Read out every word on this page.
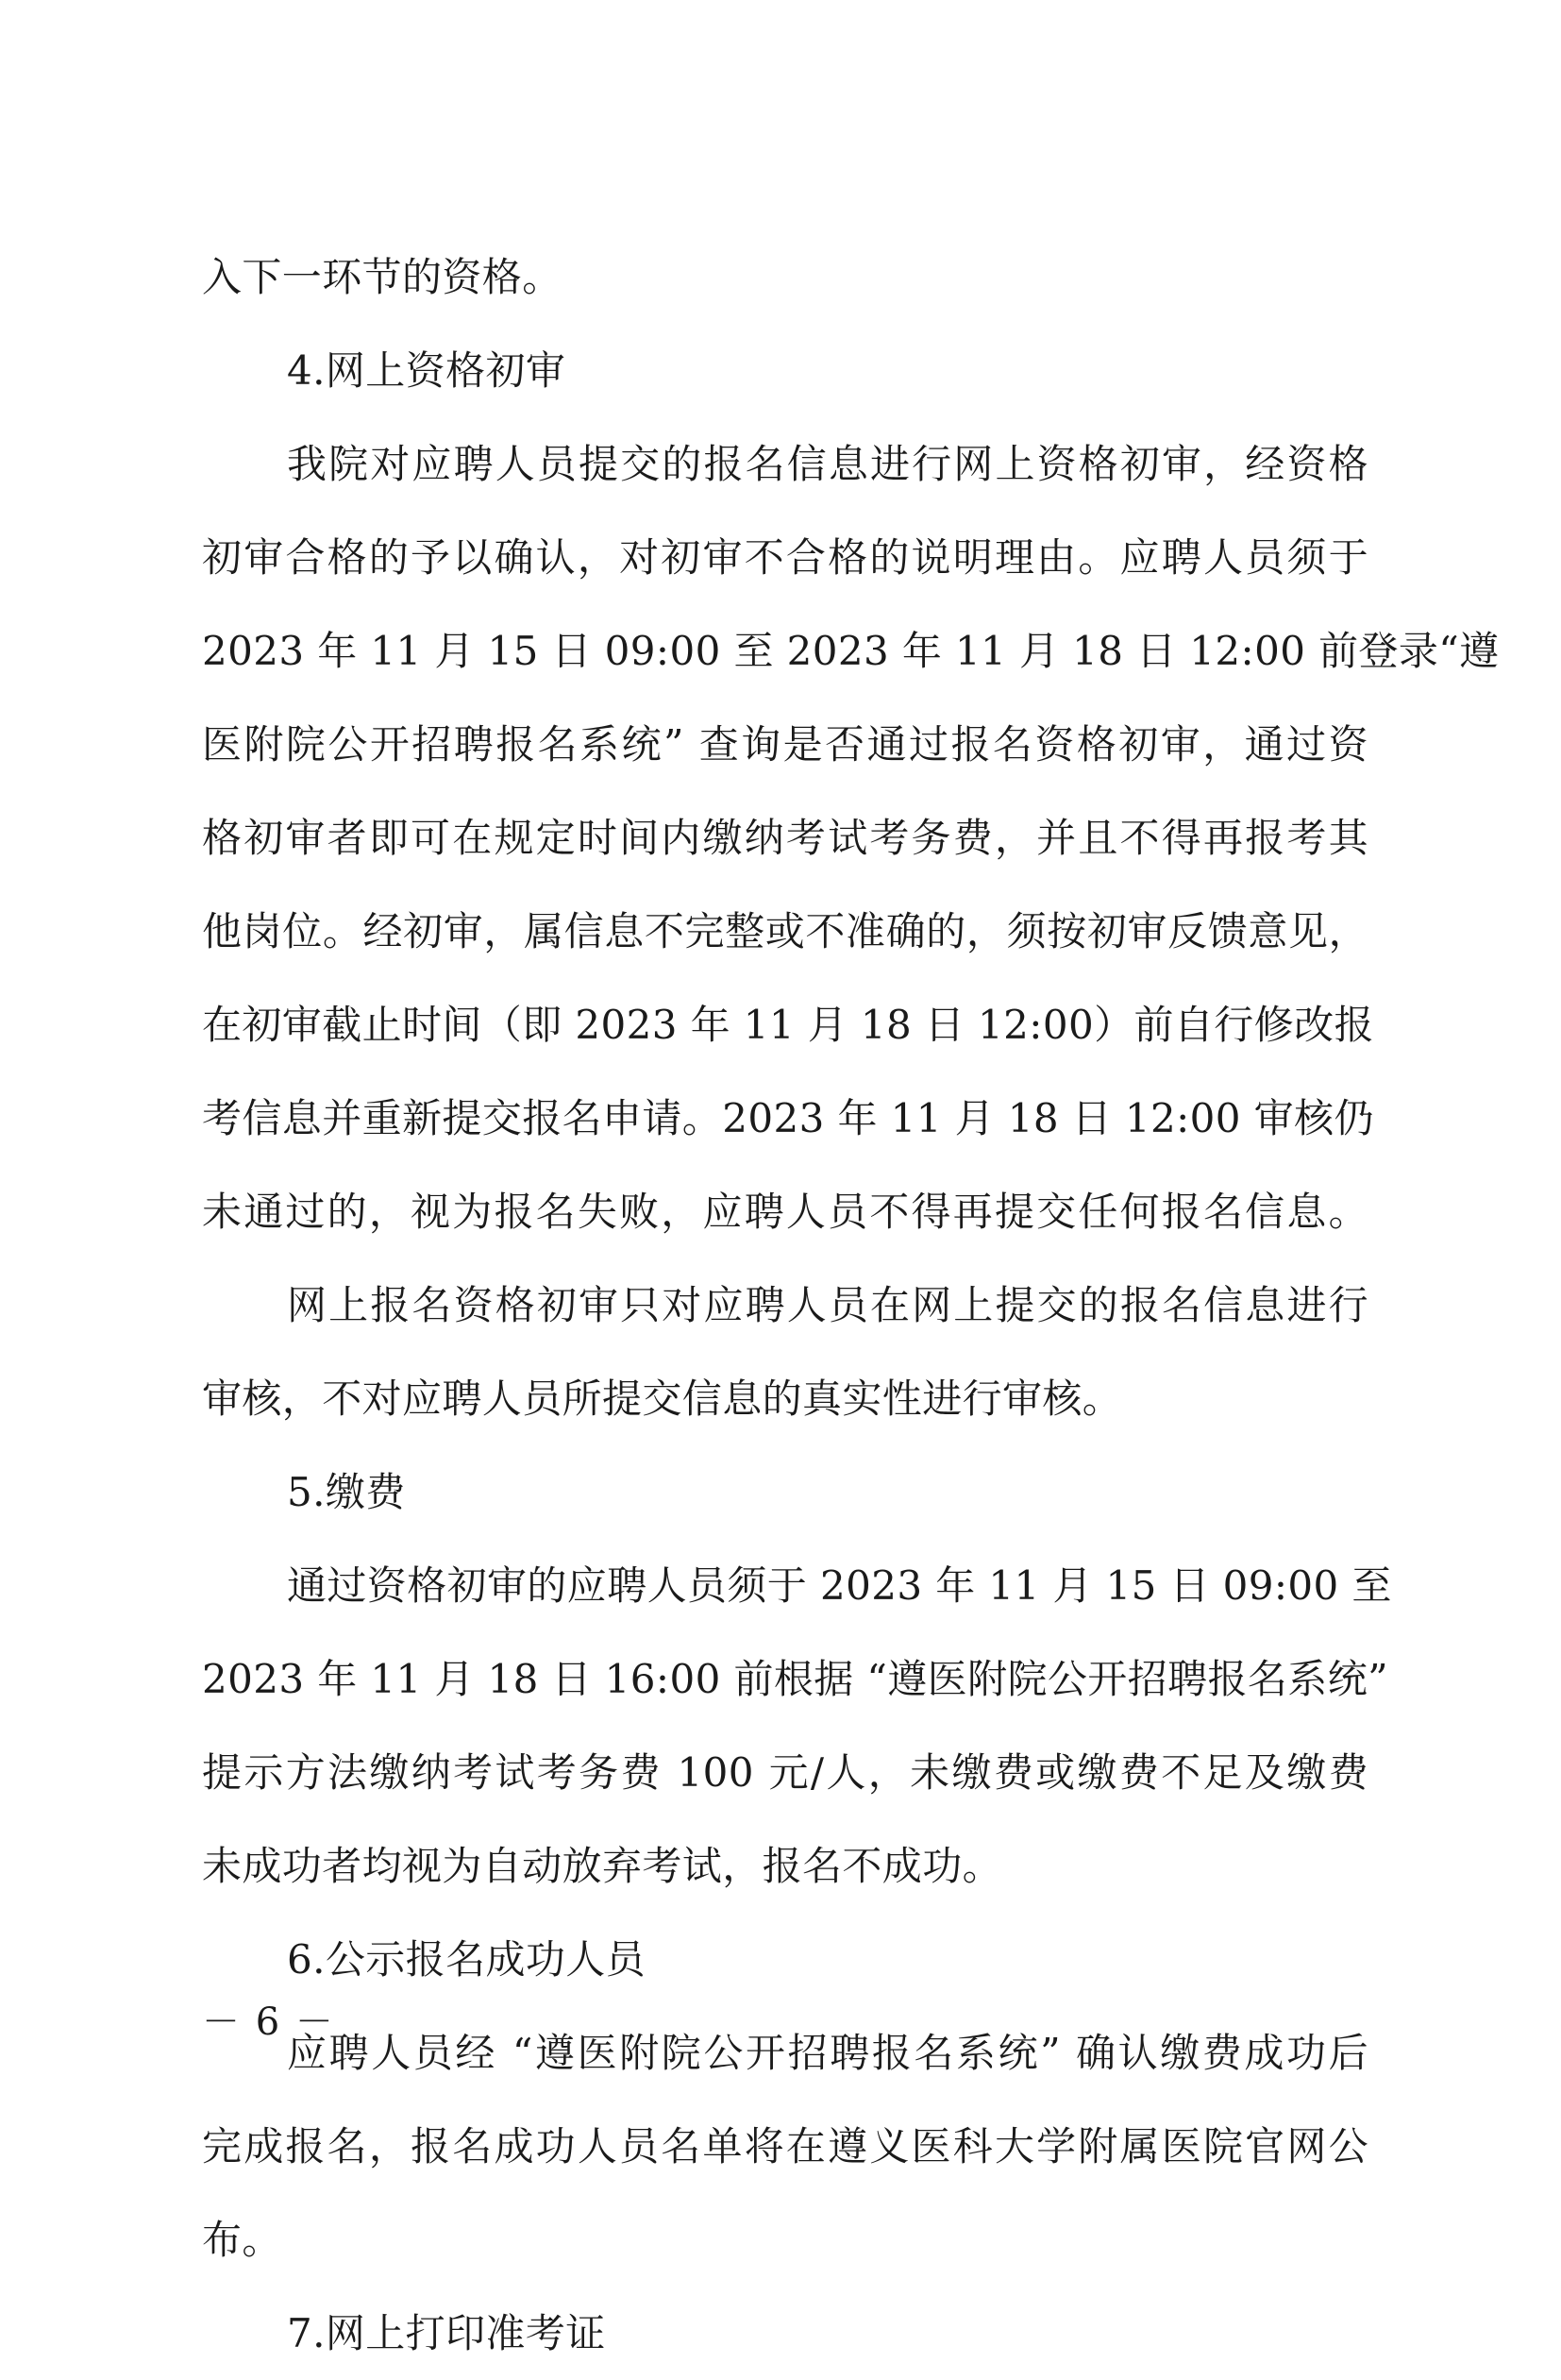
入下一环节的资格。
4.网上资格初审
我院对应聘人员提交的报名信息进行网上资格初审，经资格
初审合格的予以确认，对初审不合格的说明理由。应聘人员须于
2023 年 11 月 15 日 09:00 至 2023 年 11 月 18 日 12:00 前登录“遵
医附院公开招聘报名系统” 查询是否通过报名资格初审，通过资
格初审者即可在规定时间内缴纳考试考务费，并且不得再报考其
他岗位。经初审，属信息不完整或不准确的，须按初审反馈意见，
在初审截止时间（即 2023 年 11 月 18 日 12:00）前自行修改报
考信息并重新提交报名申请。2023 年 11 月 18 日 12:00 审核仍
未通过的，视为报名失败，应聘人员不得再提交任何报名信息。
网上报名资格初审只对应聘人员在网上提交的报名信息进行
审核，不对应聘人员所提交信息的真实性进行审核。
5.缴费
通过资格初审的应聘人员须于 2023 年 11 月 15 日 09:00 至
2023 年 11 月 18 日 16:00 前根据 “遵医附院公开招聘报名系统”
提示方法缴纳考试考务费 100 元/人，未缴费或缴费不足及缴费
未成功者均视为自动放弃考试，报名不成功。
6.公示报名成功人员
应聘人员经 “遵医附院公开招聘报名系统” 确认缴费成功后
完成报名，报名成功人员名单将在遵义医科大学附属医院官网公
布。
7.网上打印准考证
－ 6 －
